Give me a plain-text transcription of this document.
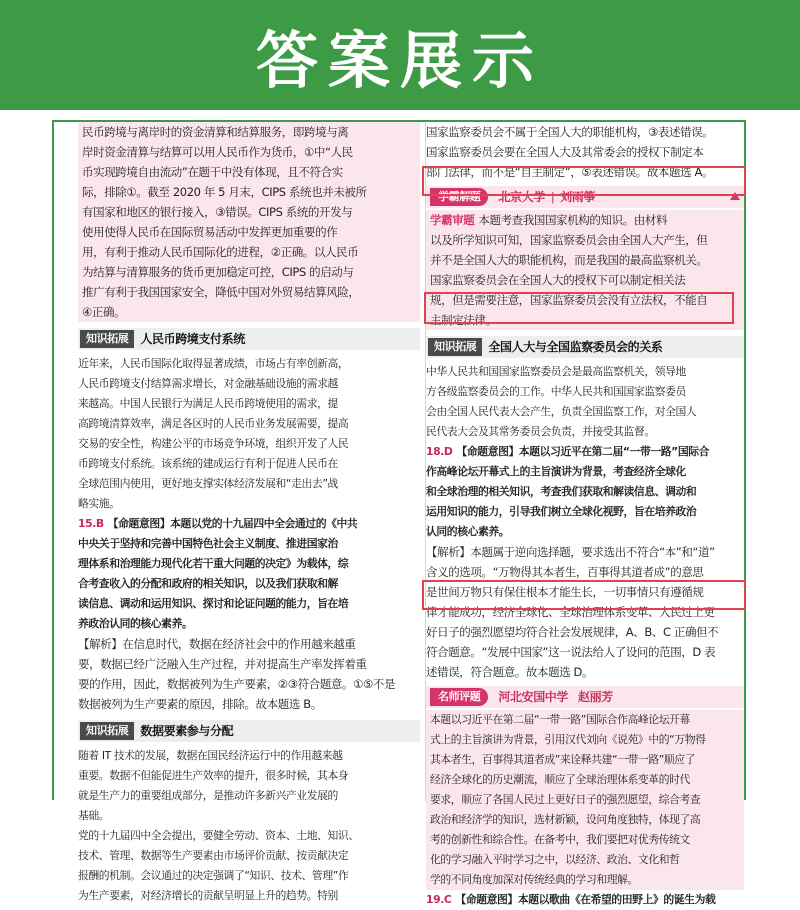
答案展示

民币跨境与离岸时的资金清算和结算服务，即跨境与离

岸时资金清算与结算可以用人民币作为货币，①中“人民

币实现跨境自由流动”在题干中没有体现，且不符合实

际，排除①。截至 2020 年 5 月末，CIPS 系统也并未被所

有国家和地区的银行接入，③错误。CIPS 系统的开发与

使用使得人民币在国际贸易活动中发挥更加重要的作

用，有利于推动人民币国际化的进程，②正确。以人民币

为结算与清算服务的货币更加稳定可控，CIPS 的启动与

推广有利于我国国家安全，降低中国对外贸易结算风险，

④正确。

知识拓展	人民币跨境支付系统

近年来，人民币国际化取得显著成绩，市场占有率创新高，

人民币跨境支付结算需求增长，对金融基础设施的需求越

来越高。中国人民银行为满足人民币跨境使用的需求，提

高跨境清算效率，满足各区时的人民币业务发展需要，提高

交易的安全性，构建公平的市场竞争环境，组织开发了人民

币跨境支付系统。该系统的建成运行有利于促进人民币在

全球范围内使用，更好地支撑实体经济发展和“走出去”战

略实施。

15.B 【命题意图】本题以党的十九届四中全会通过的《中共

中央关于坚持和完善中国特色社会主义制度、推进国家治

理体系和治理能力现代化若干重大问题的决定》为载体，综

合考查收入的分配和政府的相关知识，以及我们获取和解

读信息、调动和运用知识、探讨和论证问题的能力，旨在培

养政治认同的核心素养。

【解析】在信息时代，数据在经济社会中的作用越来越重

要，数据已经广泛融入生产过程，并对提高生产率发挥着重

要的作用，因此，数据被列为生产要素，②③符合题意。①⑤不是

数据被列为生产要素的原因，排除。故本题选 B。

知识拓展	数据要素参与分配

随着 IT 技术的发展，数据在国民经济运行中的作用越来越

重要。数据不但能促进生产效率的提升，很多时候，其本身

就是生产力的重要组成部分，是推动许多新兴产业发展的

基础。

党的十九届四中全会提出，要健全劳动、资本、土地、知识、

技术、管理、数据等生产要素由市场评价贡献、按贡献决定

报酬的机制。会议通过的决定强调了“知识、技术、管理”作

为生产要素，对经济增长的贡献呈明显上升的趋势。特别

国家监察委员会不属于全国人大的职能机构，③表述错误。

国家监察委员会要在全国人大及其常委会的授权下制定本

部门法律，而不是“自主制定”，⑤表述错误。故本题选 A。

学霸解题	北京大学 | 刘雨筝

学霸审题 本题考查我国国家机构的知识。由材料

以及所学知识可知，国家监察委员会由全国人大产生，但

并不是全国人大的职能机构，而是我国的最高监察机关。

国家监察委员会在全国人大的授权下可以制定相关法

规，但是需要注意，国家监察委员会没有立法权，不能自

主制定法律。

知识拓展	全国人大与全国监察委员会的关系

中华人民共和国国家监察委员会是最高监察机关，领导地

方各级监察委员会的工作。中华人民共和国国家监察委员

会由全国人民代表大会产生，负责全国监察工作，对全国人

民代表大会及其常务委员会负责，并接受其监督。

18.D 【命题意图】本题以习近平在第二届“一带一路”国际合

作高峰论坛开幕式上的主旨演讲为背景，考查经济全球化

和全球治理的相关知识，考查我们获取和解读信息、调动和

运用知识的能力，引导我们树立全球化视野，旨在培养政治

认同的核心素养。

【解析】本题属于逆向选择题，要求选出不符合“本”和“道”

含义的选项。“万物得其本者生，百事得其道者成”的意思

是世间万物只有保住根本才能生长，一切事情只有遵循规

律才能成功，经济全球化、全球治理体系变革、人民过上更

好日子的强烈愿望均符合社会发展规律，A、B、C 正确但不

符合题意。“发展中国家”这一说法给人了设问的范围，D 表

述错误，符合题意。故本题选 D。

名师评题	河北安国中学 赵丽芳

本题以习近平在第二届“一带一路”国际合作高峰论坛开幕

式上的主旨演讲为背景，引用汉代刘向《说苑》中的“万物得

其本者生，百事得其道者成”来诠释共建“一带一路”顺应了

经济全球化的历史潮流，顺应了全球治理体系变革的时代

要求，顺应了各国人民过上更好日子的强烈愿望，综合考查

政治和经济学的知识，选材新颖，设问角度独特，体现了高

考的创新性和综合性。在备考中，我们要把对优秀传统文

化的学习融入平时学习之中，以经济、政治、文化和哲

学的不同角度加深对传统经典的学习和理解。

19.C 【命题意图】本题以歌曲《在希望的田野上》的诞生为载
